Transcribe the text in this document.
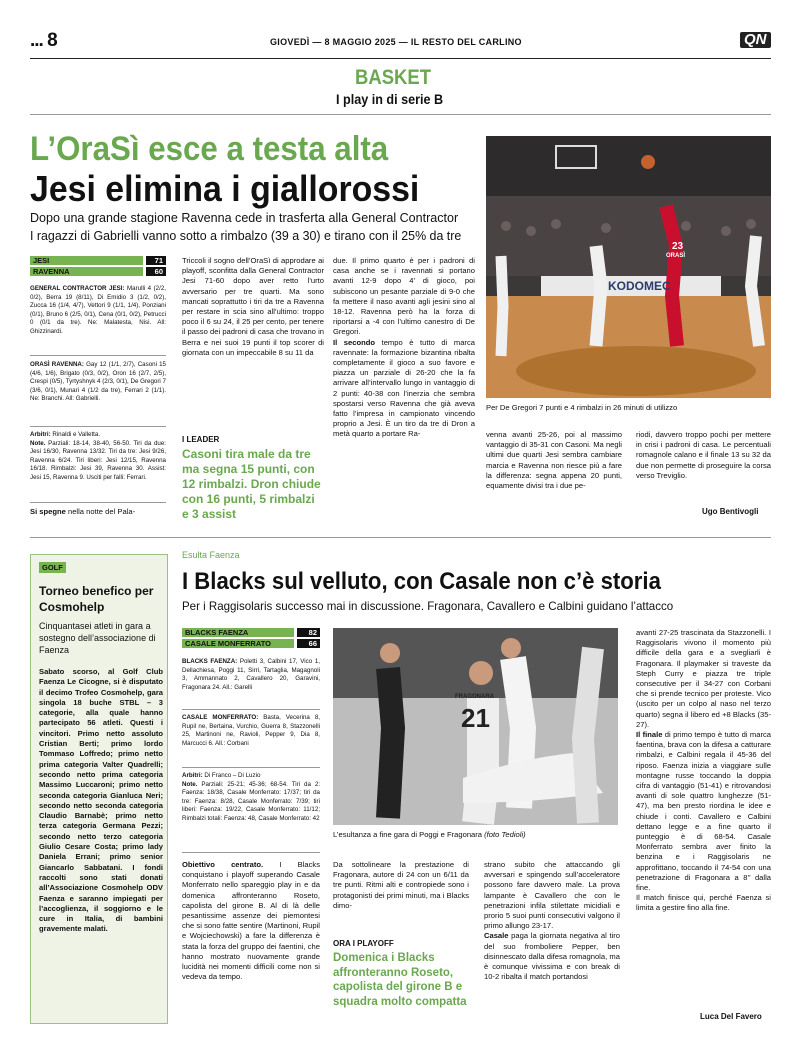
... 8	GIOVEDÌ — 8 MAGGIO 2025 — IL RESTO DEL CARLINO	QN
BASKET
I play in di serie B
L’OraSì esce a testa alta
Jesi elimina i giallorossi
Dopo una grande stagione Ravenna cede in trasferta alla General Contractor
I ragazzi di Gabrielli vanno sotto a rimbalzo (39 a 30) e tirano con il 25% da tre
JESI	71
RAVENNA	60
GENERAL CONTRACTOR JESI: Marulli 4 (2/2, 0/2), Berra 19 (8/11), Di Emidio 3 (1/2, 0/2), Zucca 16 (1/4, 4/7), Vettori 9 (1/1, 1/4), Ponziani (0/1), Bruno 6 (2/5, 0/1), Cena (0/1, 0/2), Petrucci 0 (0/1 da tre). Ne: Malatesta, Nisi. All: Ghizzinardi.
ORASÌ RAVENNA: Gay 12 (1/1, 2/7), Casoni 15 (4/6, 1/6), Brigato (0/3, 0/2), Oron 16 (2/7, 2/5), Crespi (0/5), Tyrtyshnyk 4 (2/3, 0/1), De Gregori 7 (3/6, 0/1), Munari 4 (1/2 da tre), Ferrari 2 (1/1). Ne: Branchi. All: Gabrielli.
Arbitri: Rinaldi e Valletta.
Note. Parziali: 18-14, 38-40, 56-50. Tiri da due: Jesi 16/30, Ravenna 13/32. Tiri da tre: Jesi 9/26, Ravenna 6/24. Tiri liberi: Jesi 12/15, Ravenna 16/18. Rimbalzi: Jesi 39, Ravenna 30. Assist: Jesi 15, Ravenna 9. Usciti per falli: Ferrari.
Si spegne nella notte del Pala-
Triccoli il sogno dell’OraSì di approdare ai playoff, sconfitta dalla General Contractor Jesi 71-60 dopo aver retto l’urto avversario per tre quarti. Ma sono mancati soprattutto i tiri da tre a Ravenna per restare in scia sino all’ultimo: troppo poco il 6 su 24, il 25 per cento, per tenere il passo dei padroni di casa che trovano in Berra e nei suoi 19 punti il top scorer di giornata con un impeccabile 8 su 11 da
I LEADER
Casoni tira male da tre ma segna 15 punti, con 12 rimbalzi. Dron chiude con 16 punti, 5 rimbalzi e 3 assist
due. Il primo quarto è per i padroni di casa anche se i ravennati si portano avanti 12-9 dopo 4’ di gioco, poi subiscono un pesante parziale di 9-0 che fa mettere il naso avanti agli jesini sino al 18-12. Ravenna però ha la forza di riportarsi a -4 con l’ultimo canestro di De Gregori.
Il secondo tempo è tutto di marca ravennate: la formazione bizantina ribalta completamente il gioco a suo favore e piazza un parziale di 26-20 che la fa arrivare all’intervallo lungo in vantaggio di 2 punti: 40-38 con l’inerzia che sembra spostarsi verso Ravenna che già aveva fatto l’impresa in campionato vincendo proprio a Jesi. È un tiro da tre di Dron a metà quarto a portare Ra-
KODOMEC
23
ORASÌ
Per De Gregori 7 punti e 4 rimbalzi in 26 minuti di utilizzo
venna avanti 25-26, poi al massimo vantaggio di 35-31 con Casoni. Ma negli ultimi due quarti Jesi sembra cambiare marcia e Ravenna non riesce più a fare la differenza: segna appena 20 punti, equamente divisi tra i due pe-
riodi, davvero troppo pochi per mettere in crisi i padroni di casa. Le percentuali romagnole calano e il finale 13 su 32 da due non permette di proseguire la corsa verso Treviglio.
Ugo Bentivogli
GOLF
Torneo benefico per Cosmohelp
Cinquantasei atleti in gara a sostegno dell’associazione di Faenza
Sabato scorso, al Golf Club Faenza Le Cicogne, si è disputato il decimo Trofeo Cosmohelp, gara singola 18 buche STBL – 3 categorie, alla quale hanno partecipato 56 atleti. Questi i vincitori. Primo netto assoluto Cristian Berti; primo lordo Tommaso Loffredo; primo netto prima categoria Valter Quadrelli; secondo netto prima categoria Massimo Luccaroni; primo netto seconda categoria Gianluca Neri; secondo netto seconda categoria Claudio Barnabè; primo netto terza categoria Germana Pezzi; secondo netto terzo categoria Giulio Cesare Costa; primo lady Daniela Errani; primo senior Giancarlo Sabbatani. I fondi raccolti sono stati donati all’Associazione Cosmohelp ODV Faenza e saranno impiegati per l’accoglienza, il soggiorno e le cure in Italia, di bambini gravemente malati.
Esulta Faenza
I Blacks sul velluto, con Casale non c’è storia
Per i Raggisolaris successo mai in discussione. Fragonara, Cavallero e Calbini guidano l’attacco
BLACKS FAENZA	82
CASALE MONFERRATO	66
BLACKS FAENZA: Poletti 3, Calbini 17, Vico 1, Dellachiesa, Poggi 11, Sirri, Tartaglia, Magagnoli 3, Ammannato 2, Cavallero 20, Garavini, Fragonara 24. All.: Garelli
CASALE MONFERRATO: Basta, Vecerina 8, Rupil ne, Bertaina, Vurchio, Guerra 8, Stazzonelli 25, Martinoni ne, Ravioli, Pepper 9, Dia 8, Marcucci 6. All.: Corbani
Arbitri: Di Franco – Di Luzio
Note. Parziali: 25-21; 45-36; 68-54. Tiri da 2: Faenza: 18/38, Casale Monferrato: 17/37; tiri da tre: Faenza: 8/28, Casale Monferrato: 7/39; tiri liberi: Faenza: 19/22, Casale Monferrato: 11/12; Rimbalzi totali: Faenza: 48, Casale Monferrato: 42
Obiettivo centrato. I Blacks conquistano i playoff superando Casale Monferrato nello spareggio play in e da domenica affronteranno Roseto, capolista del girone B. Al di là delle pesantissime assenze dei piemontesi che si sono fatte sentire (Martinoni, Rupil e Wojciechowski) a fare la differenza è stata la forza del gruppo dei faentini, che hanno mostrato nuovamente grande lucidità nei momenti difficili come non si vedeva da tempo.
21
FRAGONARA
L’esultanza a fine gara di Poggi e Fragonara (foto Tedioli)
Da sottolineare la prestazione di Fragonara, autore di 24 con un 6/11 da tre punti. Ritmi alti e contropiede sono i protagonisti dei primi minuti, ma i Blacks dimo-
ORA I PLAYOFF
Domenica i Blacks affronteranno Roseto, capolista del girone B e squadra molto compatta
strano subito che attaccando gli avversari e spingendo sull’acceleratore possono fare davvero male. La prova lampante è Cavallero che con le penetrazioni infila stilettate micidiali e prorio 5 suoi punti consecutivi valgono il primo allungo 23-17.
Casale paga la giornata negativa al tiro del suo fromboliere Pepper, ben disinnescato dalla difesa romagnola, ma è comunque vivissima e con break di 10-2 ribalta il match portandosi
avanti 27-25 trascinata da Stazzonelli. I Raggisolaris vivono il momento più difficile della gara e a svegliarli è Fragonara. Il playmaker si traveste da Steph Curry e piazza tre triple consecutive per il 34-27 con Corbani che si prende tecnico per proteste. Vico (uscito per un colpo al naso nel terzo quarto) segna il libero ed +8 Blacks (35-27).
Il finale di primo tempo è tutto di marca faentina, brava con la difesa a catturare rimbalzi, e Calbini regala il 45-36 del riposo. Faenza inizia a viaggiare sulle montagne russe toccando la doppia cifra di vantaggio (51-41) e ritrovandosi avanti di sole quattro lunghezze (51-47), ma ben presto riordina le idee e chiude i conti. Cavallero e Calbini dettano legge e a fine quarto il punteggio è di 68-54. Casale Monferrato sembra aver finito la benzina e i Raggisolaris ne approfittano, toccando il 74-54 con una penetrazione di Fragonara a 8’’ dalla fine.
Il match finisce qui, perché Faenza si limita a gestire fino alla fine.
Luca Del Favero
